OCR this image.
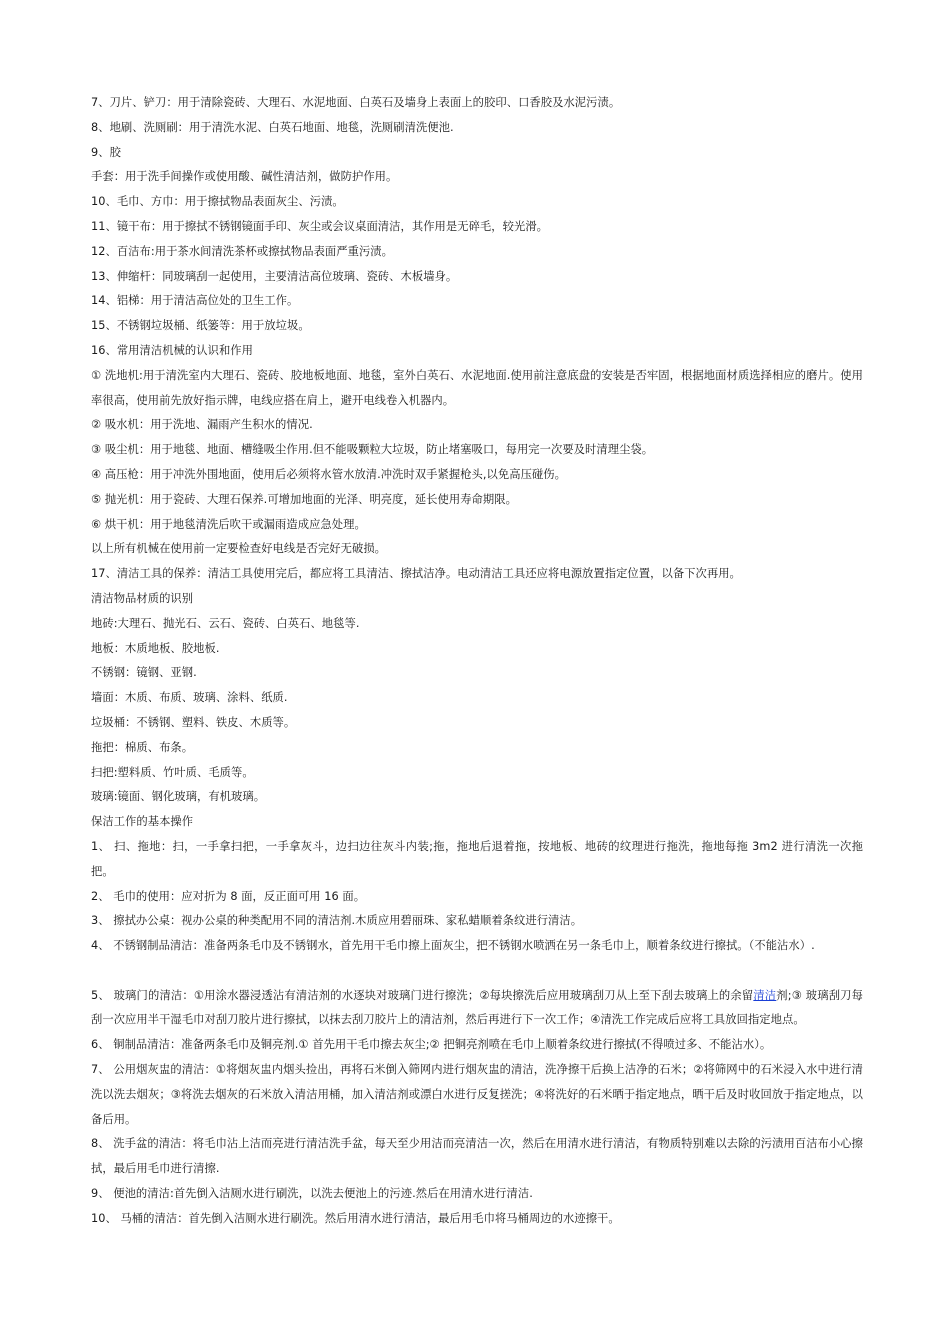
7、刀片、铲刀：用于清除瓷砖、大理石、水泥地面、白英石及墙身上表面上的胶印、口香胶及水泥污渍。
8、地刷、洗厕刷：用于清洗水泥、白英石地面、地毯，洗厕刷清洗便池.
9、胶
手套：用于洗手间操作或使用酸、碱性清洁剂，做防护作用。
10、毛巾、方巾：用于擦拭物品表面灰尘、污渍。
11、镜干布：用于擦拭不锈钢镜面手印、灰尘或会议桌面清洁，其作用是无碎毛，较光滑。
12、百洁布:用于茶水间清洗茶杯或擦拭物品表面严重污渍。
13、伸缩杆：同玻璃刮一起使用，主要清洁高位玻璃、瓷砖、木板墙身。
14、铝梯：用于清洁高位处的卫生工作。
15、不锈钢垃圾桶、纸篓等：用于放垃圾。
16、常用清洁机械的认识和作用

① 洗地机:用于清洗室内大理石、瓷砖、胶地板地面、地毯，室外白英石、水泥地面.使用前注意底盘的安装是否牢固，根据地面材质选择相应的磨片。使用率很高，使用前先放好指示牌，电线应搭在肩上，避开电线卷入机器内。

② 吸水机：用于洗地、漏雨产生积水的情况.
③ 吸尘机：用于地毯、地面、槽缝吸尘作用.但不能吸颗粒大垃圾，防止堵塞吸口，每用完一次要及时清理尘袋。
④ 高压枪：用于冲洗外围地面，使用后必须将水管水放清.冲洗时双手紧握枪头,以免高压碰伤。
⑤ 抛光机：用于瓷砖、大理石保养.可增加地面的光泽、明亮度，延长使用寿命期限。
⑥ 烘干机：用于地毯清洗后吹干或漏雨造成应急处理。
以上所有机械在使用前一定要检查好电线是否完好无破损。
17、清洁工具的保养：清洁工具使用完后，都应将工具清洁、擦拭洁净。电动清洁工具还应将电源放置指定位置，以备下次再用。
清洁物品材质的识别
地砖:大理石、抛光石、云石、瓷砖、白英石、地毯等.
地板：木质地板、胶地板.
不锈钢：镜钢、亚钢.
墙面：木质、布质、玻璃、涂料、纸质.
垃圾桶：不锈钢、塑料、铁皮、木质等。
拖把：棉质、布条。
扫把:塑料质、竹叶质、毛质等。
玻璃:镜面、钢化玻璃，有机玻璃。
保洁工作的基本操作

1、 扫、拖地：扫，一手拿扫把，一手拿灰斗，边扫边往灰斗内装;拖，拖地后退着拖，按地板、地砖的纹理进行拖洗，拖地每拖 3m2 进行清洗一次拖把。

2、 毛巾的使用：应对折为 8 面，反正面可用 16 面。
3、 擦拭办公桌：视办公桌的种类配用不同的清洁剂.木质应用碧丽珠、家私蜡顺着条纹进行清洁。
4、 不锈钢制品清洁：准备两条毛巾及不锈钢水，首先用干毛巾擦上面灰尘，把不锈钢水喷洒在另一条毛巾上，顺着条纹进行擦拭。（不能沾水）.

5、 玻璃门的清洁：①用涂水器浸透沾有清洁剂的水逐块对玻璃门进行擦洗；②每块擦洗后应用玻璃刮刀从上至下刮去玻璃上的余留清洁剂;③ 玻璃刮刀每刮一次应用半干湿毛巾对刮刀胶片进行擦拭，以抹去刮刀胶片上的清洁剂，然后再进行下一次工作；④清洗工作完成后应将工具放回指定地点。

6、 铜制品清洁：准备两条毛巾及铜亮剂.① 首先用干毛巾擦去灰尘;② 把铜亮剂喷在毛巾上顺着条纹进行擦拭(不得喷过多、不能沾水）。

7、 公用烟灰盅的清洁：①将烟灰盅内烟头捡出，再将石米倒入筛网内进行烟灰盅的清洁，洗净擦干后换上洁净的石米；②将筛网中的石米浸入水中进行清洗以洗去烟灰；③将洗去烟灰的石米放入清洁用桶，加入清洁剂或漂白水进行反复搓洗；④将洗好的石米晒于指定地点，晒干后及时收回放于指定地点，以备后用。

8、 洗手盆的清洁：将毛巾沾上洁而亮进行清洁洗手盆，每天至少用洁而亮清洁一次，然后在用清水进行清洁，有物质特别难以去除的污渍用百洁布小心擦拭，最后用毛巾进行清擦.

9、 便池的清洁:首先倒入洁厕水进行刷洗，以洗去便池上的污迹.然后在用清水进行清洁.

10、 马桶的清洁：首先倒入洁厕水进行刷洗。然后用清水进行清洁，最后用毛巾将马桶周边的水迹擦干。
